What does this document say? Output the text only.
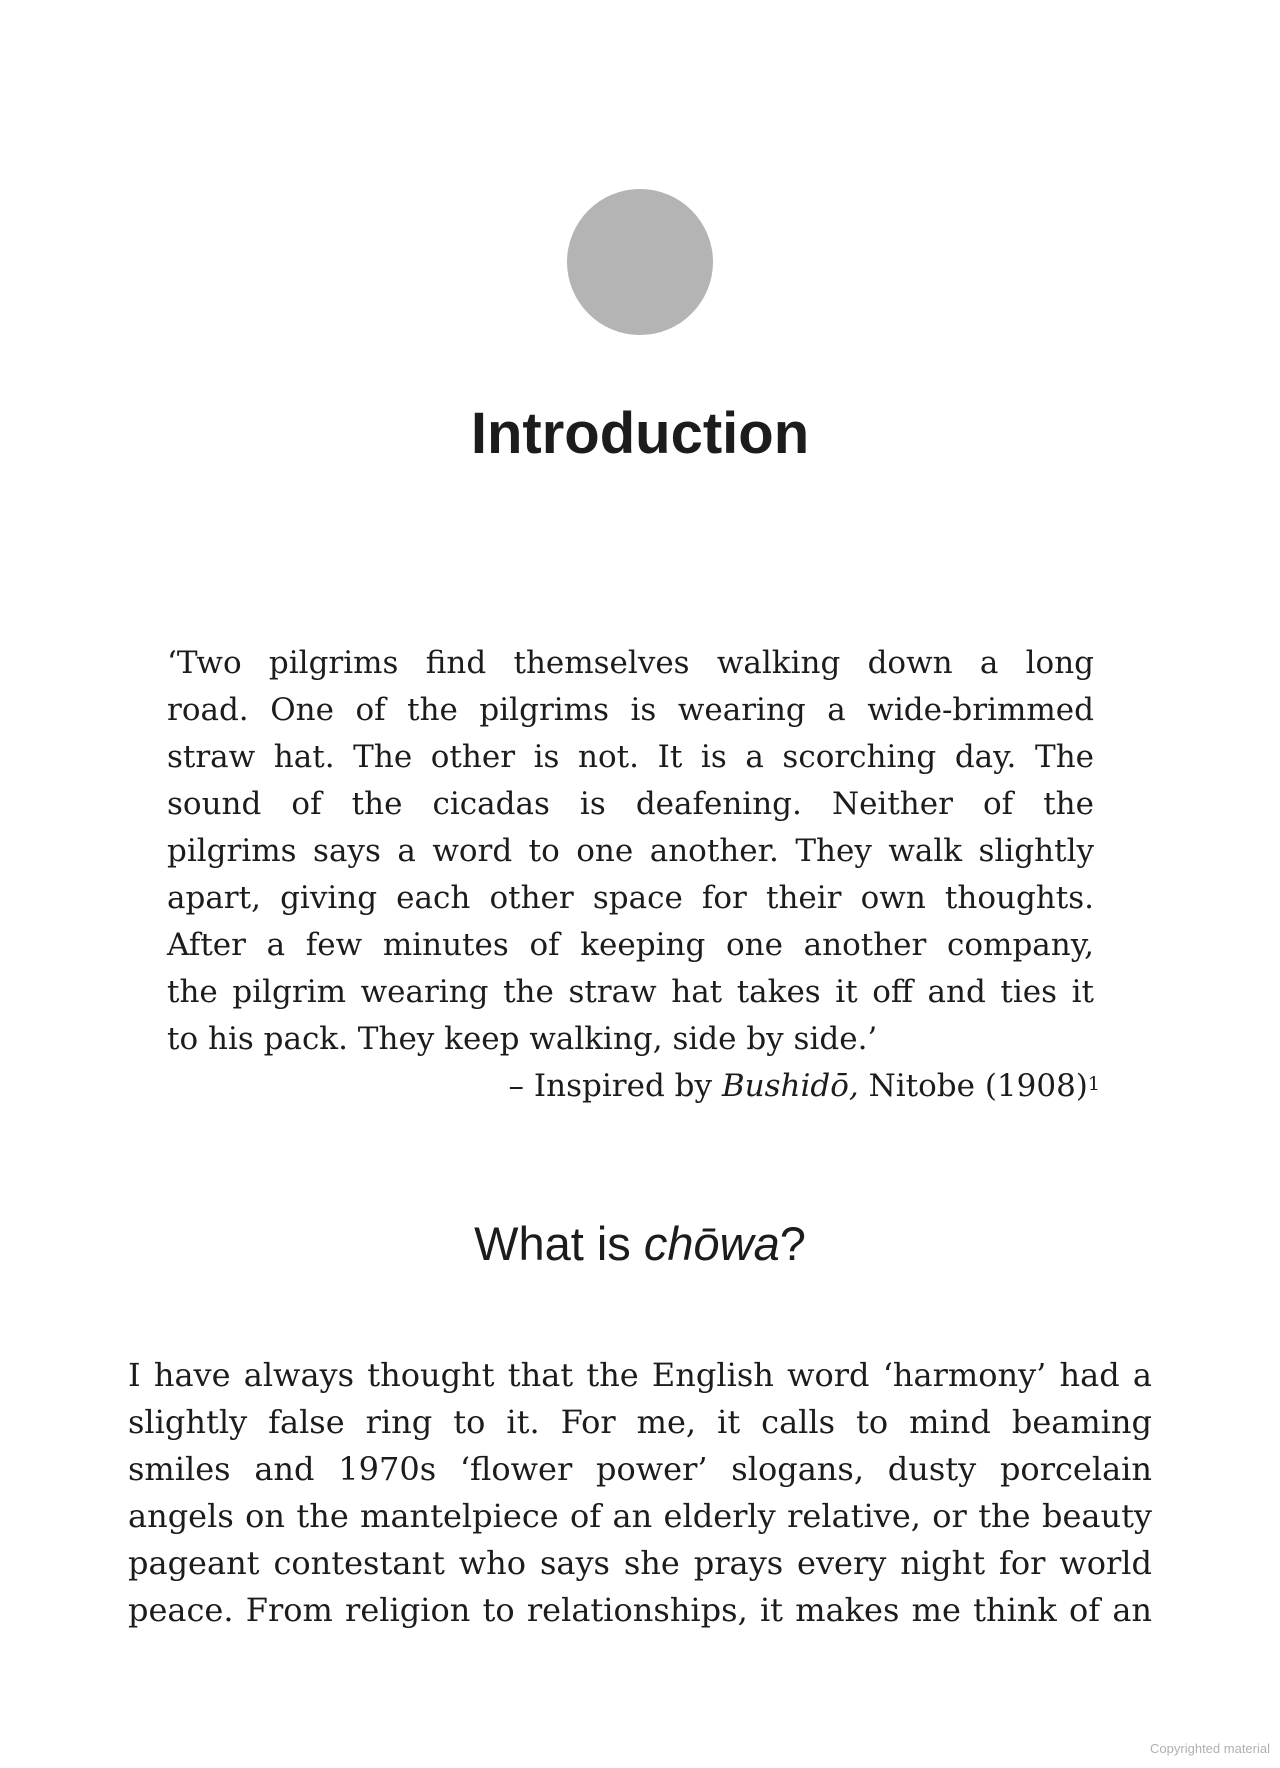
Introduction
‘Two pilgrims find themselves walking down a long
road. One of the pilgrims is wearing a wide-brimmed
straw hat. The other is not. It is a scorching day. The
sound of the cicadas is deafening. Neither of the
pilgrims says a word to one another. They walk slightly
apart, giving each other space for their own thoughts.
After a few minutes of keeping one another company,
the pilgrim wearing the straw hat takes it off and ties it
to his pack. They keep walking, side by side.’

– Inspired by Bushidō, Nitobe $(1908)^1$

What is chōwa?
I have always thought that the English word ‘harmony’ had a
slightly false ring to it. For me, it calls to mind beaming
smiles and 1970s ‘flower power’ slogans, dusty porcelain
angels on the mantelpiece of an elderly relative, or the beauty
pageant contestant who says she prays every night for world
peace. From religion to relationships, it makes me think of an

Copyrighted material
